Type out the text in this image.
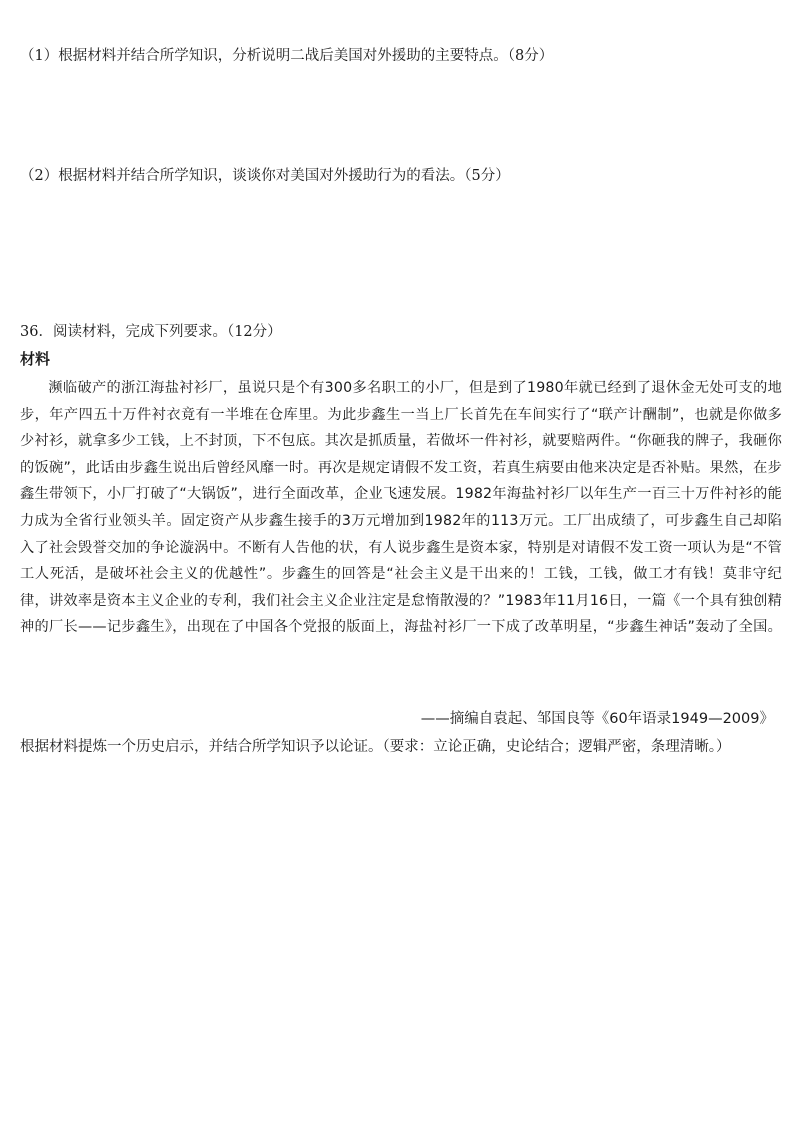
（1）根据材料并结合所学知识，分析说明二战后美国对外援助的主要特点。（8分）
（2）根据材料并结合所学知识，谈谈你对美国对外援助行为的看法。（5分）
36．阅读材料，完成下列要求。（12分）
材料

濒临破产的浙江海盐衬衫厂，虽说只是个有300多名职工的小厂，但是到了1980年就已经到了退休金无处可支的地步，年产四五十万件衬衣竟有一半堆在仓库里。为此步鑫生一当上厂长首先在车间实行了“联产计酬制”，也就是你做多少衬衫，就拿多少工钱，上不封顶，下不包底。其次是抓质量，若做坏一件衬衫，就要赔两件。“你砸我的牌子，我砸你的饭碗”，此话由步鑫生说出后曾经风靡一时。再次是规定请假不发工资，若真生病要由他来决定是否补贴。果然，在步鑫生带领下，小厂打破了“大锅饭”，进行全面改革，企业飞速发展。1982年海盐衬衫厂以年生产一百三十万件衬衫的能力成为全省行业领头羊。固定资产从步鑫生接手的3万元增加到1982年的113万元。工厂出成绩了，可步鑫生自己却陷入了社会毁誉交加的争论漩涡中。不断有人告他的状，有人说步鑫生是资本家，特别是对请假不发工资一项认为是“不管工人死活，是破坏社会主义的优越性”。步鑫生的回答是“社会主义是干出来的！工钱，工钱，做工才有钱！莫非守纪律，讲效率是资本主义企业的专利，我们社会主义企业注定是怠惰散漫的？”1983年11月16日，一篇《一个具有独创精神的厂长——记步鑫生》，出现在了中国各个党报的版面上，海盐衬衫厂一下成了改革明星，“步鑫生神话”轰动了全国。

——摘编自袁起、邹国良等《60年语录1949—2009》
根据材料提炼一个历史启示，并结合所学知识予以论证。（要求：立论正确，史论结合；逻辑严密，条理清晰。）
